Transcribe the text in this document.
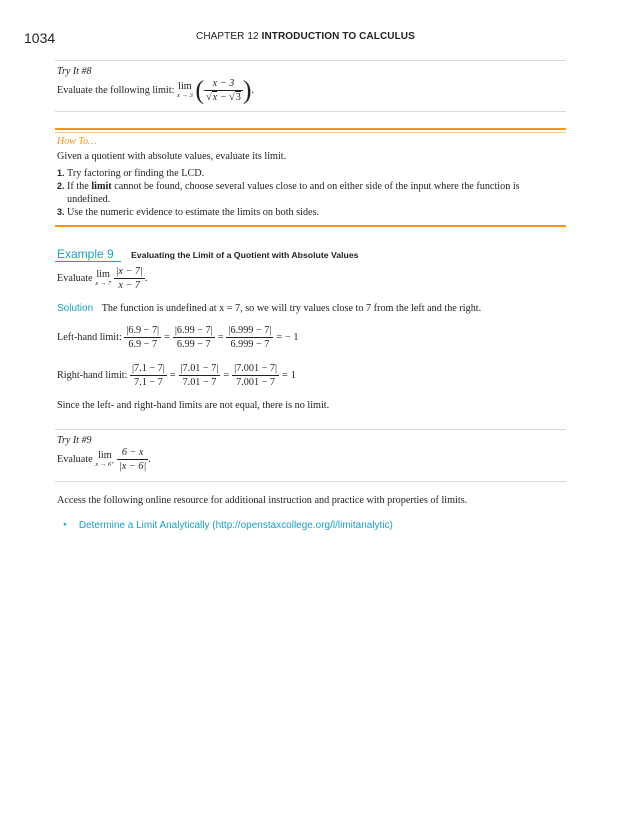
1034	CHAPTER 12 INTRODUCTION TO CALCULUS
Try It #8
Evaluate the following limit: lim
x → 3 ( $\frac{x - 3}{√x - √3}$ ).
How To…
Given a quotient with absolute values, evaluate its limit.
1. Try factoring or finding the LCD.
2. If the limit cannot be found, choose several values close to and on either side of the input where the function is undefined.
3. Use the numeric evidence to estimate the limits on both sides.
Example 9 Evaluating the Limit of a Quotient with Absolute Values
Evaluate lim
x → 7
$\frac{|x - 7|}{x - 7}$ .
Solution The function is undefined at x = 7, so we will try values close to 7 from the left and the right.
Left-hand limit: $\frac{|6.9 - 7|}{6.9 - 7} = \frac{|6.99 - 7|}{6.99 - 7} = \frac{|6.999 - 7|}{6.999 - 7}$ = − 1
Right-hand limit: $\frac{|7.1 - 7|}{7.1 - 7} = \frac{|7.01 - 7|}{7.01 - 7} = \frac{|7.001 - 7|}{7.001 - 7} = 1$
Since the left- and right-hand limits are not equal, there is no limit.
Try It #9
Evaluate lim
x → 6⁺
$\frac{6 - x}{|x - 6|}$ .
Access the following online resource for additional instruction and practice with properties of limits.
• Determine a Limit Analytically (http://openstaxcollege.org/l/limitanalytic)
